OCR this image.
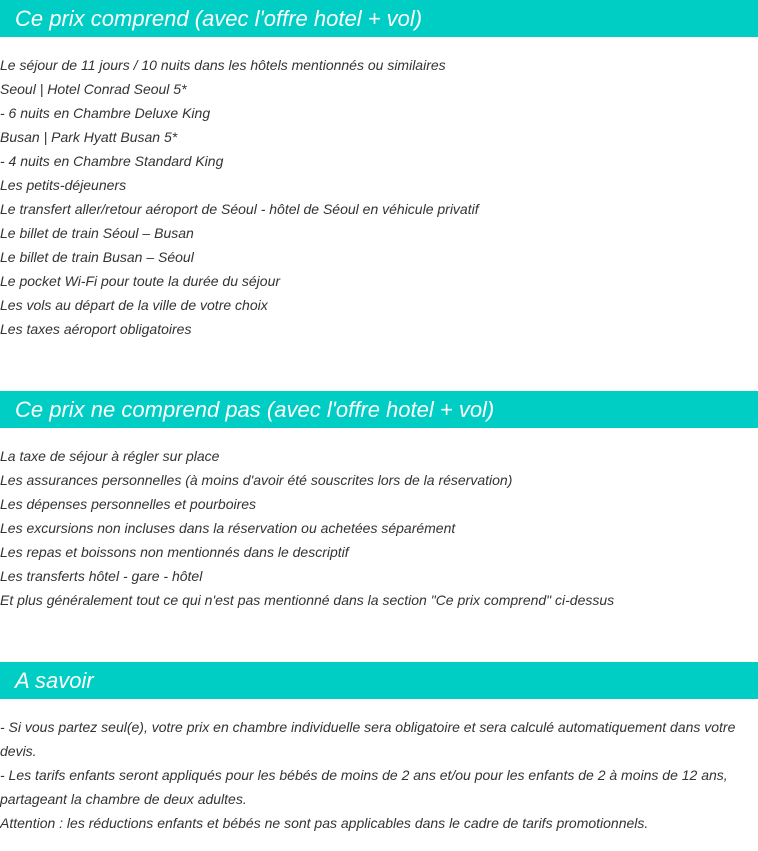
Ce prix comprend (avec l'offre hotel + vol)
Le séjour de 11 jours / 10 nuits dans les hôtels mentionnés ou similaires
Seoul | Hotel Conrad Seoul 5*
- 6 nuits en Chambre Deluxe King
Busan | Park Hyatt Busan 5*
- 4 nuits en Chambre Standard King
Les petits-déjeuners
Le transfert aller/retour aéroport de Séoul - hôtel de Séoul en véhicule privatif
Le billet de train Séoul – Busan
Le billet de train Busan – Séoul
Le pocket Wi-Fi pour toute la durée du séjour
Les vols au départ de la ville de votre choix
Les taxes aéroport obligatoires
Ce prix ne comprend pas (avec l'offre hotel + vol)
La taxe de séjour à régler sur place
Les assurances personnelles (à moins d'avoir été souscrites lors de la réservation)
Les dépenses personnelles et pourboires
Les excursions non incluses dans la réservation ou achetées séparément
Les repas et boissons non mentionnés dans le descriptif
Les transferts hôtel - gare - hôtel
Et plus généralement tout ce qui n'est pas mentionné dans la section "Ce prix comprend" ci-dessus
A savoir
- Si vous partez seul(e), votre prix en chambre individuelle sera obligatoire et sera calculé automatiquement dans votre devis.
- Les tarifs enfants seront appliqués pour les bébés de moins de 2 ans et/ou pour les enfants de 2 à moins de 12 ans, partageant la chambre de deux adultes.
Attention : les réductions enfants et bébés ne sont pas applicables dans le cadre de tarifs promotionnels.
